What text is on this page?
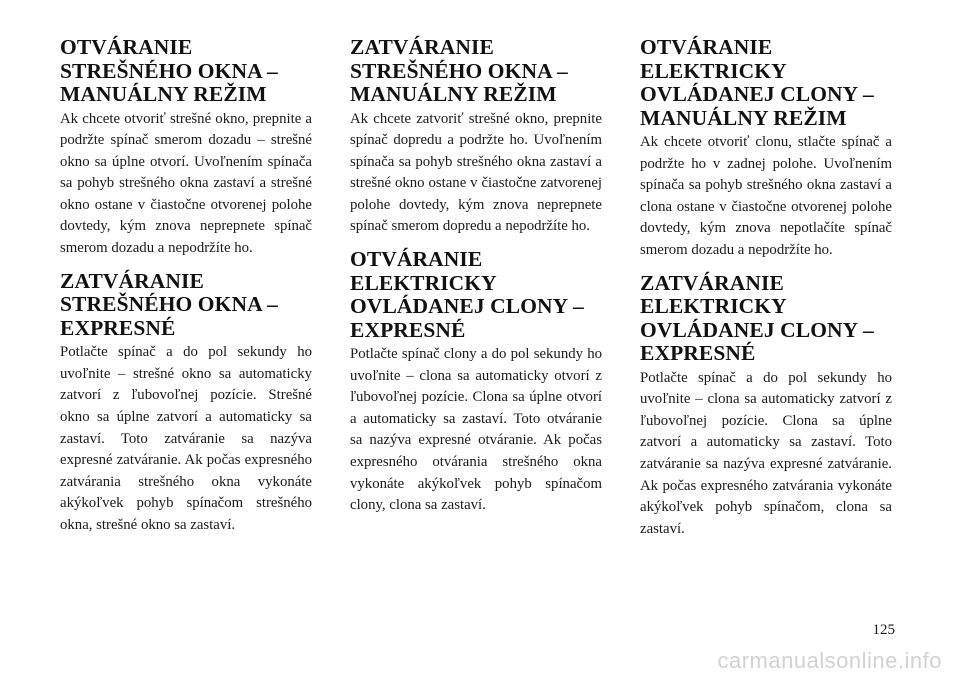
OTVÁRANIE STREŠNÉHO OKNA – MANUÁLNY REŽIM

Ak chcete otvoriť strešné okno, prepnite a podržte spínač smerom dozadu – strešné okno sa úplne otvorí. Uvoľnením spínača sa pohyb strešného okna zastaví a strešné okno ostane v čiastočne otvorenej polohe dovtedy, kým znova neprepnete spínač smerom dozadu a nepodržíte ho.

ZATVÁRANIE STREŠNÉHO OKNA – EXPRESNÉ

Potlačte spínač a do pol sekundy ho uvoľnite – strešné okno sa automaticky zatvorí z ľubovoľnej pozície. Strešné okno sa úplne zatvorí a automaticky sa zastaví. Toto zatváranie sa nazýva expresné zatváranie. Ak počas expresného zatvárania strešného okna vykonáte akýkoľvek pohyb spínačom strešného okna, strešné okno sa zastaví.

ZATVÁRANIE STREŠNÉHO OKNA – MANUÁLNY REŽIM

Ak chcete zatvoriť strešné okno, prepnite spínač dopredu a podržte ho. Uvoľnením spínača sa pohyb strešného okna zastaví a strešné okno ostane v čiastočne zatvorenej polohe dovtedy, kým znova neprepnete spínač smerom dopredu a nepodržíte ho.

OTVÁRANIE ELEKTRICKY OVLÁDANEJ CLONY – EXPRESNÉ

Potlačte spínač clony a do pol sekundy ho uvoľnite – clona sa automaticky otvorí z ľubovoľnej pozície. Clona sa úplne otvorí a automaticky sa zastaví. Toto otváranie sa nazýva expresné otváranie. Ak počas expresného otvárania strešného okna vykonáte akýkoľvek pohyb spínačom clony, clona sa zastaví.

OTVÁRANIE ELEKTRICKY OVLÁDANEJ CLONY – MANUÁLNY REŽIM

Ak chcete otvoriť clonu, stlačte spínač a podržte ho v zadnej polohe. Uvoľnením spínača sa pohyb strešného okna zastaví a clona ostane v čiastočne otvorenej polohe dovtedy, kým znova nepotlačíte spínač smerom dozadu a nepodržíte ho.

ZATVÁRANIE ELEKTRICKY OVLÁDANEJ CLONY – EXPRESNÉ

Potlačte spínač a do pol sekundy ho uvoľnite – clona sa automaticky zatvorí z ľubovoľnej pozície. Clona sa úplne zatvorí a automaticky sa zastaví. Toto zatváranie sa nazýva expresné zatváranie. Ak počas expresného zatvárania vykonáte akýkoľvek pohyb spínačom, clona sa zastaví.

125
carmanualsonline.info
